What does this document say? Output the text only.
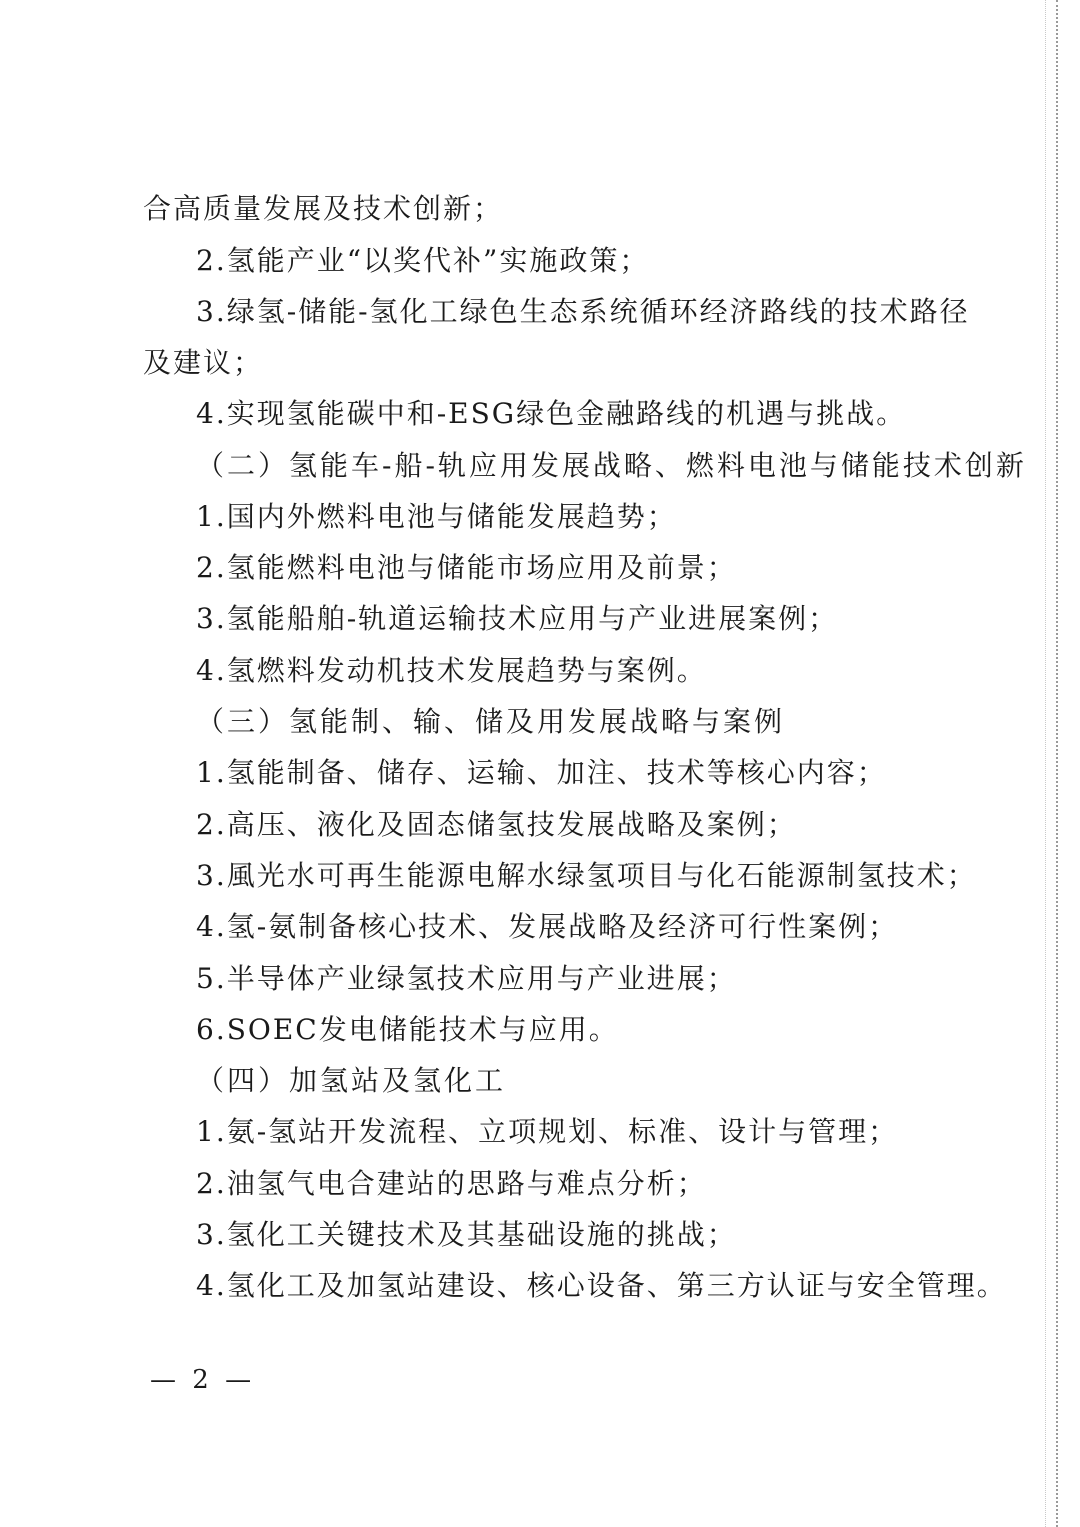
合高质量发展及技术创新；
2.氢能产业“以奖代补”实施政策；
3.绿氢-储能-氢化工绿色生态系统循环经济路线的技术路径
及建议；
4.实现氢能碳中和-ESG绿色金融路线的机遇与挑战。
（二）氢能车-船-轨应用发展战略、燃料电池与储能技术创新
1.国内外燃料电池与储能发展趋势；
2.氢能燃料电池与储能市场应用及前景；
3.氢能船舶-轨道运输技术应用与产业进展案例；
4.氢燃料发动机技术发展趋势与案例。
（三）氢能制、输、储及用发展战略与案例
1.氢能制备、储存、运输、加注、技术等核心内容；
2.高压、液化及固态储氢技发展战略及案例；
3.風光水可再生能源电解水绿氢项目与化石能源制氢技术；
4.氢-氨制备核心技术、发展战略及经济可行性案例；
5.半导体产业绿氢技术应用与产业进展；
6.SOEC发电储能技术与应用。
（四）加氢站及氢化工
1.氨-氢站开发流程、立项规划、标准、设计与管理；
2.油氢气电合建站的思路与难点分析；
3.氢化工关键技术及其基础设施的挑战；
4.氢化工及加氢站建设、核心设备、第三方认证与安全管理。
— 2 —
